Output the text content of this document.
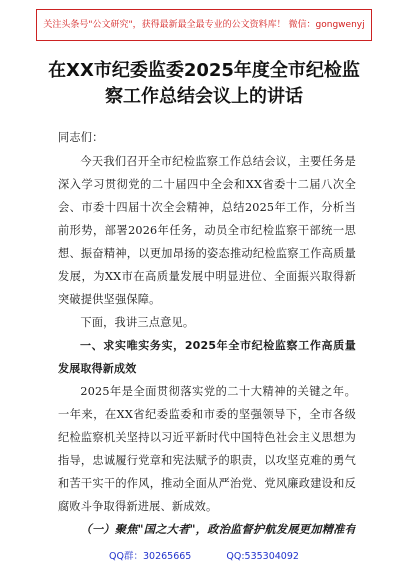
关注头条号"公文研究"，获得最新最全最专业的公文资料库！ 微信：gongwenyj
在XX市纪委监委2025年度全市纪检监
察工作总结会议上的讲话

同志们：

今天我们召开全市纪检监察工作总结会议，主要任务是深入学习贯彻党的二十届四中全会和XX省委十二届八次全会、市委十四届十次全会精神，总结2025年工作，分析当前形势，部署2026年任务，动员全市纪检监察干部统一思想、振奋精神，以更加昂扬的姿态推动纪检监察工作高质量发展，为XX市在高质量发展中明显进位、全面振兴取得新突破提供坚强保障。

下面，我讲三点意见。

一、求实唯实务实，2025年全市纪检监察工作高质量发展取得新成效

2025年是全面贯彻落实党的二十大精神的关键之年。一年来，在XX省纪委监委和市委的坚强领导下，全市各级纪检监察机关坚持以习近平新时代中国特色社会主义思想为指导，忠诚履行党章和宪法赋予的职责，以攻坚克难的勇气和苦干实干的作风，推动全面从严治党、党风廉政建设和反腐败斗争取得新进展、新成效。

（一）聚焦"国之大者"，政治监督护航发展更加精准有

QQ群：30265665	QQ:535304092
